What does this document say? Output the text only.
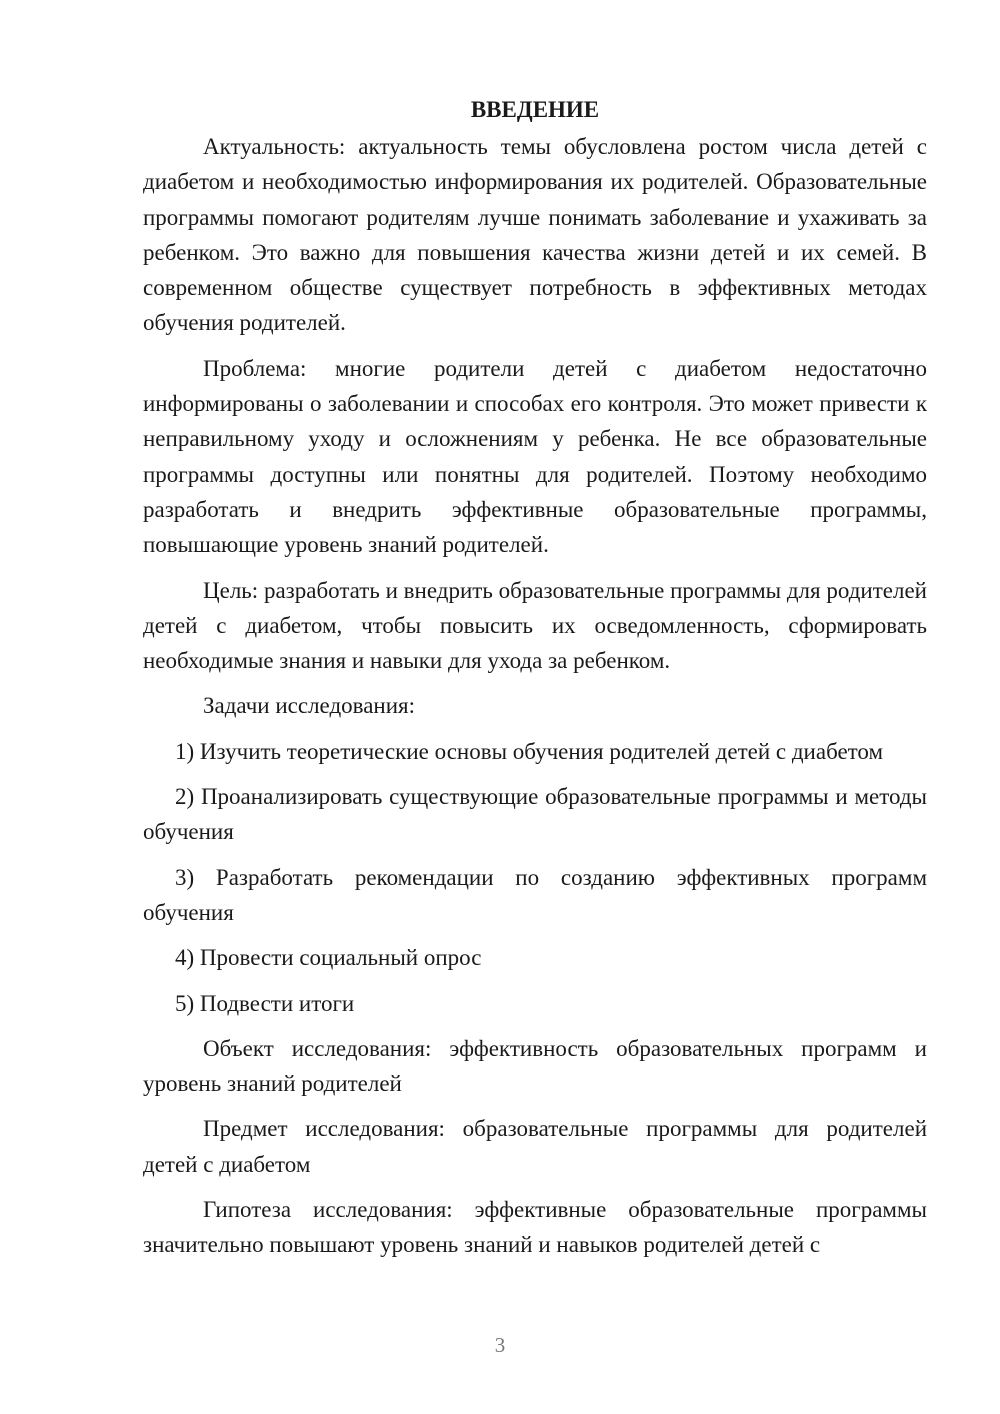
ВВЕДЕНИЕ

Актуальность: актуальность темы обусловлена ростом числа детей с диабетом и необходимостью информирования их родителей. Образовательные программы помогают родителям лучше понимать заболевание и ухаживать за ребенком. Это важно для повышения качества жизни детей и их семей. В современном обществе существует потребность в эффективных методах обучения родителей.

Проблема: многие родители детей с диабетом недостаточно информированы о заболевании и способах его контроля. Это может привести к неправильному уходу и осложнениям у ребенка. Не все образовательные программы доступны или понятны для родителей. Поэтому необходимо разработать и внедрить эффективные образовательные программы, повышающие уровень знаний родителей.

Цель: разработать и внедрить образовательные программы для родителей детей с диабетом, чтобы повысить их осведомленность, сформировать необходимые знания и навыки для ухода за ребенком.

Задачи исследования:

1) Изучить теоретические основы обучения родителей детей с диабетом

2) Проанализировать существующие образовательные программы и методы обучения

3) Разработать рекомендации по созданию эффективных программ обучения

4) Провести социальный опрос

5) Подвести итоги

Объект исследования: эффективность образовательных программ и уровень знаний родителей

Предмет исследования: образовательные программы для родителей детей с диабетом

Гипотеза исследования: эффективные образовательные программы значительно повышают уровень знаний и навыков родителей детей с

3
